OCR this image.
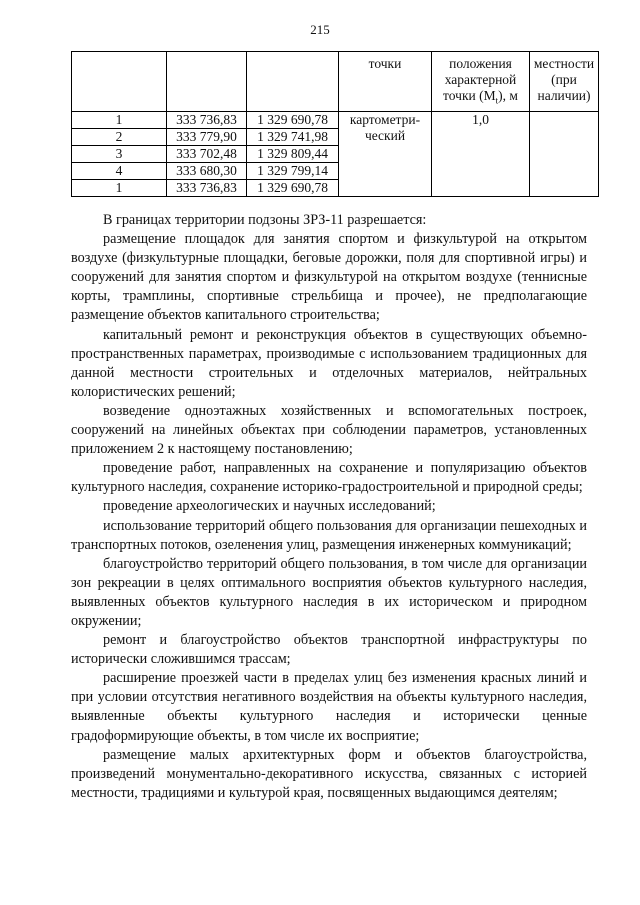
215
			точки	положения характерной точки $(M_t)$, м	местности (при наличии)
1	333 736,83	1 329 690,78	картометри-ческий	1,0	
2	333 779,90	1 329 741,98			
3	333 702,48	1 329 809,44			
4	333 680,30	1 329 799,14			
1	333 736,83	1 329 690,78			

В границах территории подзоны ЗРЗ-11 разрешается:

размещение площадок для занятия спортом и физкультурой на открытом воздухе (физкультурные площадки, беговые дорожки, поля для спортивной игры) и сооружений для занятия спортом и физкультурой на открытом воздухе (теннисные корты, трамплины, спортивные стрельбища и прочее), не предполагающие размещение объектов капитального строительства;

капитальный ремонт и реконструкция объектов в существующих объемно-пространственных параметрах, производимые с использованием традиционных для данной местности строительных и отделочных материалов, нейтральных колористических решений;

возведение одноэтажных хозяйственных и вспомогательных построек, сооружений на линейных объектах при соблюдении параметров, установленных приложением 2 к настоящему постановлению;

проведение работ, направленных на сохранение и популяризацию объектов культурного наследия, сохранение историко-градостроительной и природной среды;

проведение археологических и научных исследований;

использование территорий общего пользования для организации пешеходных и транспортных потоков, озеленения улиц, размещения инженерных коммуникаций;

благоустройство территорий общего пользования, в том числе для организации зон рекреации в целях оптимального восприятия объектов культурного наследия, выявленных объектов культурного наследия в их историческом и природном окружении;

ремонт и благоустройство объектов транспортной инфраструктуры по исторически сложившимся трассам;

расширение проезжей части в пределах улиц без изменения красных линий и при условии отсутствия негативного воздействия на объекты культурного наследия, выявленные объекты культурного наследия и исторически ценные градоформирующие объекты, в том числе их восприятие;

размещение малых архитектурных форм и объектов благоустройства, произведений монументально-декоративного искусства, связанных с историей местности, традициями и культурой края, посвященных выдающимся деятелям;
